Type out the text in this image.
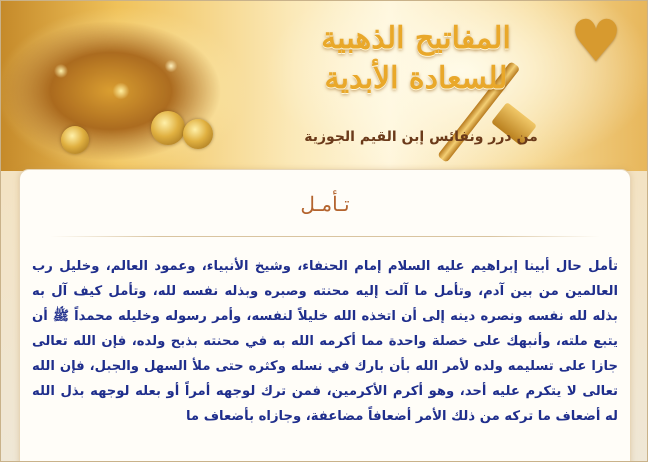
♥
المفاتيح الذهبية للسعادة الأبدية
من درر ونفائس إبن القيم الجوزية
تـأمـل

تأمل حال أبينا إبراهيم عليه السلام إمام الحنفاء، وشيخ الأنبياء، وعمود العالم، وخليل رب العالمين من بين آدم، وتأمل ما آلت إليه محنته وصبره وبذله نفسه لله، وتأمل كيف آل به بذله لله نفسه ونصره دينه إلى أن اتخذه الله خليلاً لنفسه، وأمر رسوله وخليله محمداً ﷺ أن يتبع ملته، وأنبهك على خصلة واحدة مما أكرمه الله به في محنته بذبح ولده، فإن الله تعالى جازا على تسليمه ولده لأمر الله بأن بارك في نسله وكثره حتى ملأ السهل والجبل، فإن الله تعالى لا يتكرم عليه أحد، وهو أكرم الأكرمين، فمن ترك لوجهه أمراً أو بعله لوجهه بذل الله له أضعاف ما تركه من ذلك الأمر أضعافاً مضاعفة، وجازاه بأضعاف ما
